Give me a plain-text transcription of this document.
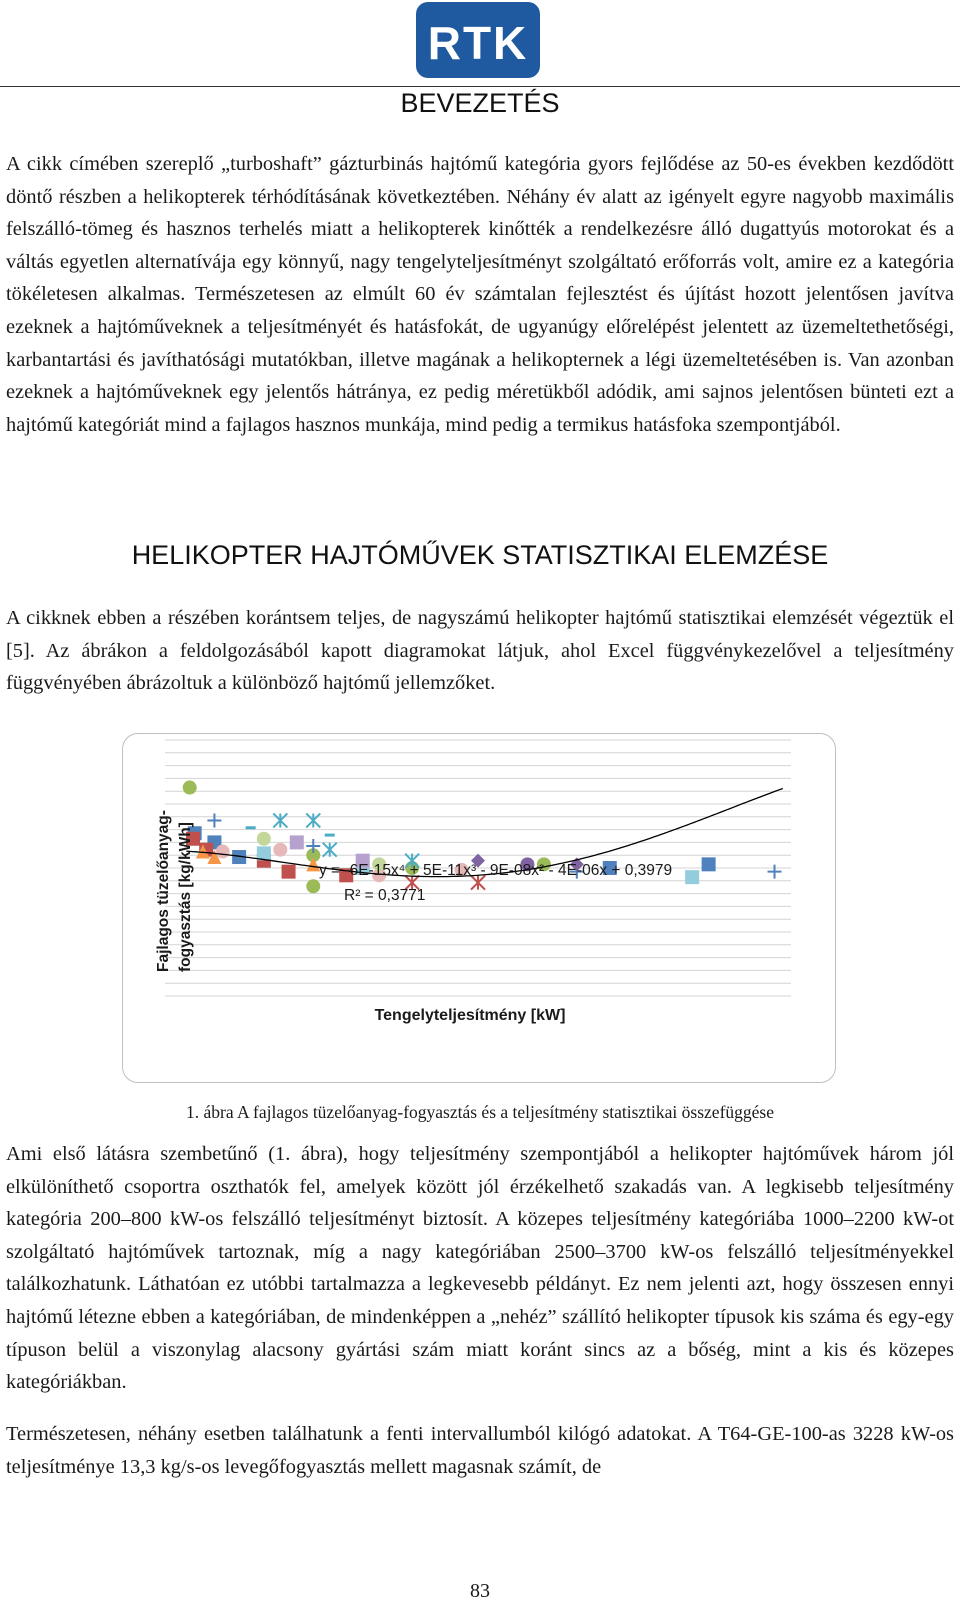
RTK
BEVEZETÉS

A cikk címében szereplő „turboshaft” gázturbinás hajtómű kategória gyors fejlődése az 50-es években kezdődött döntő részben a helikopterek térhódításának következtében. Néhány év alatt az igényelt egyre nagyobb maximális felszálló-tömeg és hasznos terhelés miatt a helikopterek kinőtték a rendelkezésre álló dugattyús motorokat és a váltás egyetlen alternatívája egy könnyű, nagy tengelyteljesítményt szolgáltató erőforrás volt, amire ez a kategória tökéletesen alkalmas. Természetesen az elmúlt 60 év számtalan fejlesztést és újítást hozott jelentősen javítva ezeknek a hajtóműveknek a teljesítményét és hatásfokát, de ugyanúgy előrelépést jelentett az üzemeltethetőségi, karbantartási és javíthatósági mutatókban, illetve magának a helikopternek a légi üzemeltetésében is. Van azonban ezeknek a hajtóműveknek egy jelentős hátránya, ez pedig méretükből adódik, ami sajnos jelentősen bünteti ezt a hajtómű kategóriát mind a fajlagos hasznos munkája, mind pedig a termikus hatásfoka szempontjából.

HELIKOPTER HAJTÓMŰVEK STATISZTIKAI ELEMZÉSE

A cikknek ebben a részében korántsem teljes, de nagyszámú helikopter hajtómű statisztikai elemzését végeztük el [5]. Az ábrákon a feldolgozásából kapott diagramokat látjuk, ahol Excel függvénykezelővel a teljesítmény függvényében ábrázoltuk a különböző hajtómű jellemzőket.

y = -6E-15x⁴ + 5E-11x³ - 9E-08x² - 4E-06x + 0,3979
R² = 0,3771
Tengelyteljesítmény [kW]
Fajlagos tüzelőanyag- fogyasztás [kg/kWh]
1. ábra A fajlagos tüzelőanyag-fogyasztás és a teljesítmény statisztikai összefüggése

Ami első látásra szembetűnő (1. ábra), hogy teljesítmény szempontjából a helikopter hajtóművek három jól elkülöníthető csoportra oszthatók fel, amelyek között jól érzékelhető szakadás van. A legkisebb teljesítmény kategória 200–800 kW-os felszálló teljesítményt biztosít. A közepes teljesítmény kategóriába 1000–2200 kW-ot szolgáltató hajtóművek tartoznak, míg a nagy kategóriában 2500–3700 kW-os felszálló teljesítményekkel találkozhatunk. Láthatóan ez utóbbi tartalmazza a legkevesebb példányt. Ez nem jelenti azt, hogy összesen ennyi hajtómű létezne ebben a kategóriában, de mindenképpen a „nehéz” szállító helikopter típusok kis száma és egy-egy típuson belül a viszonylag alacsony gyártási szám miatt koránt sincs az a bőség, mint a kis és közepes kategóriákban.

Természetesen, néhány esetben találhatunk a fenti intervallumból kilógó adatokat. A T64-GE-100-as 3228 kW-os teljesítménye 13,3 kg/s-os levegőfogyasztás mellett magasnak számít, de

83
